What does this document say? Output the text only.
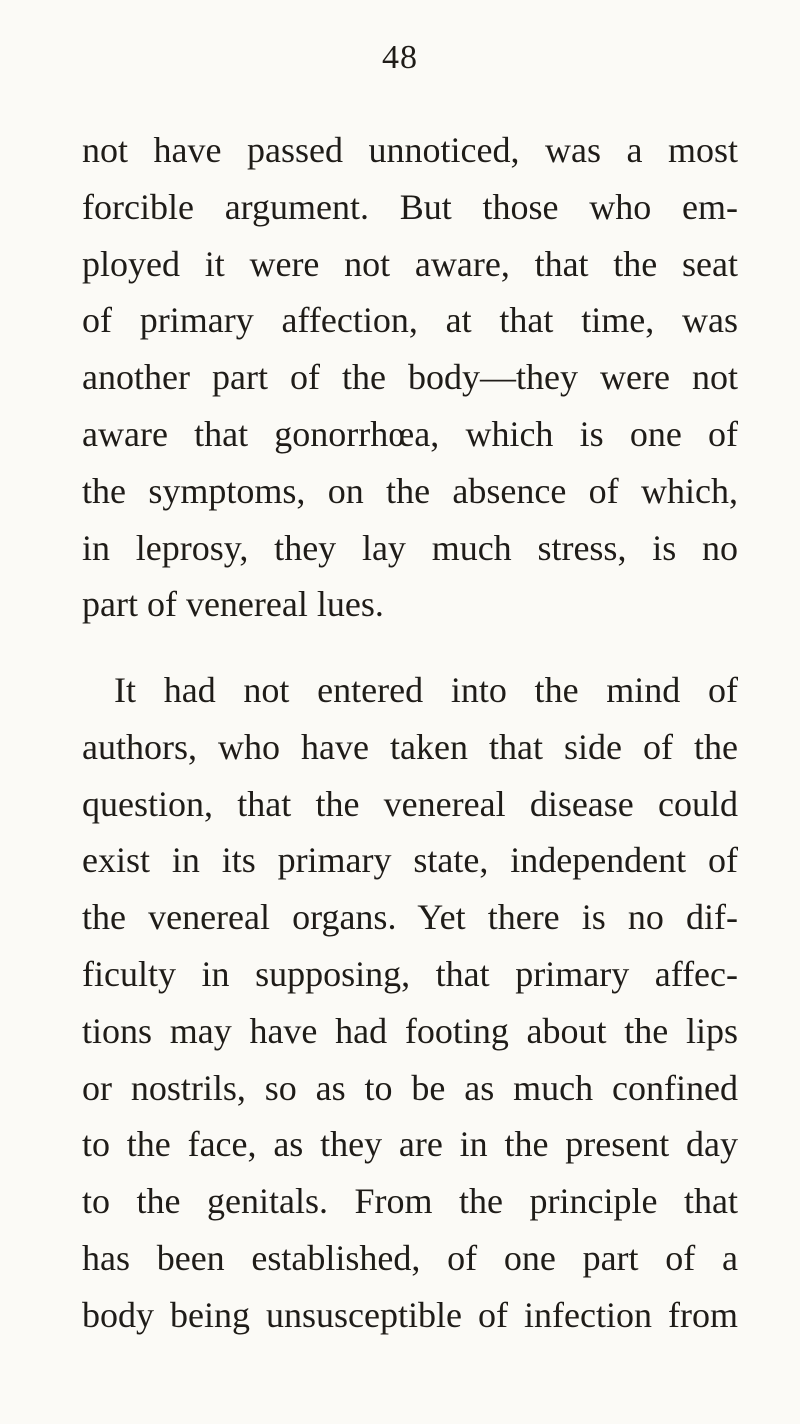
48
not have passed unnoticed, was a most
forcible argument. But those who em-
ployed it were not aware, that the seat
of primary affection, at that time, was
another part of the body—they were not
aware that gonorrhœa, which is one of
the symptoms, on the absence of which,
in leprosy, they lay much stress, is no
part of venereal lues.
It had not entered into the mind of
authors, who have taken that side of the
question, that the venereal disease could
exist in its primary state, independent of
the venereal organs. Yet there is no dif-
ficulty in supposing, that primary affec-
tions may have had footing about the lips
or nostrils, so as to be as much confined
to the face, as they are in the present day
to the genitals. From the principle that
has been established, of one part of a
body being unsusceptible of infection from
